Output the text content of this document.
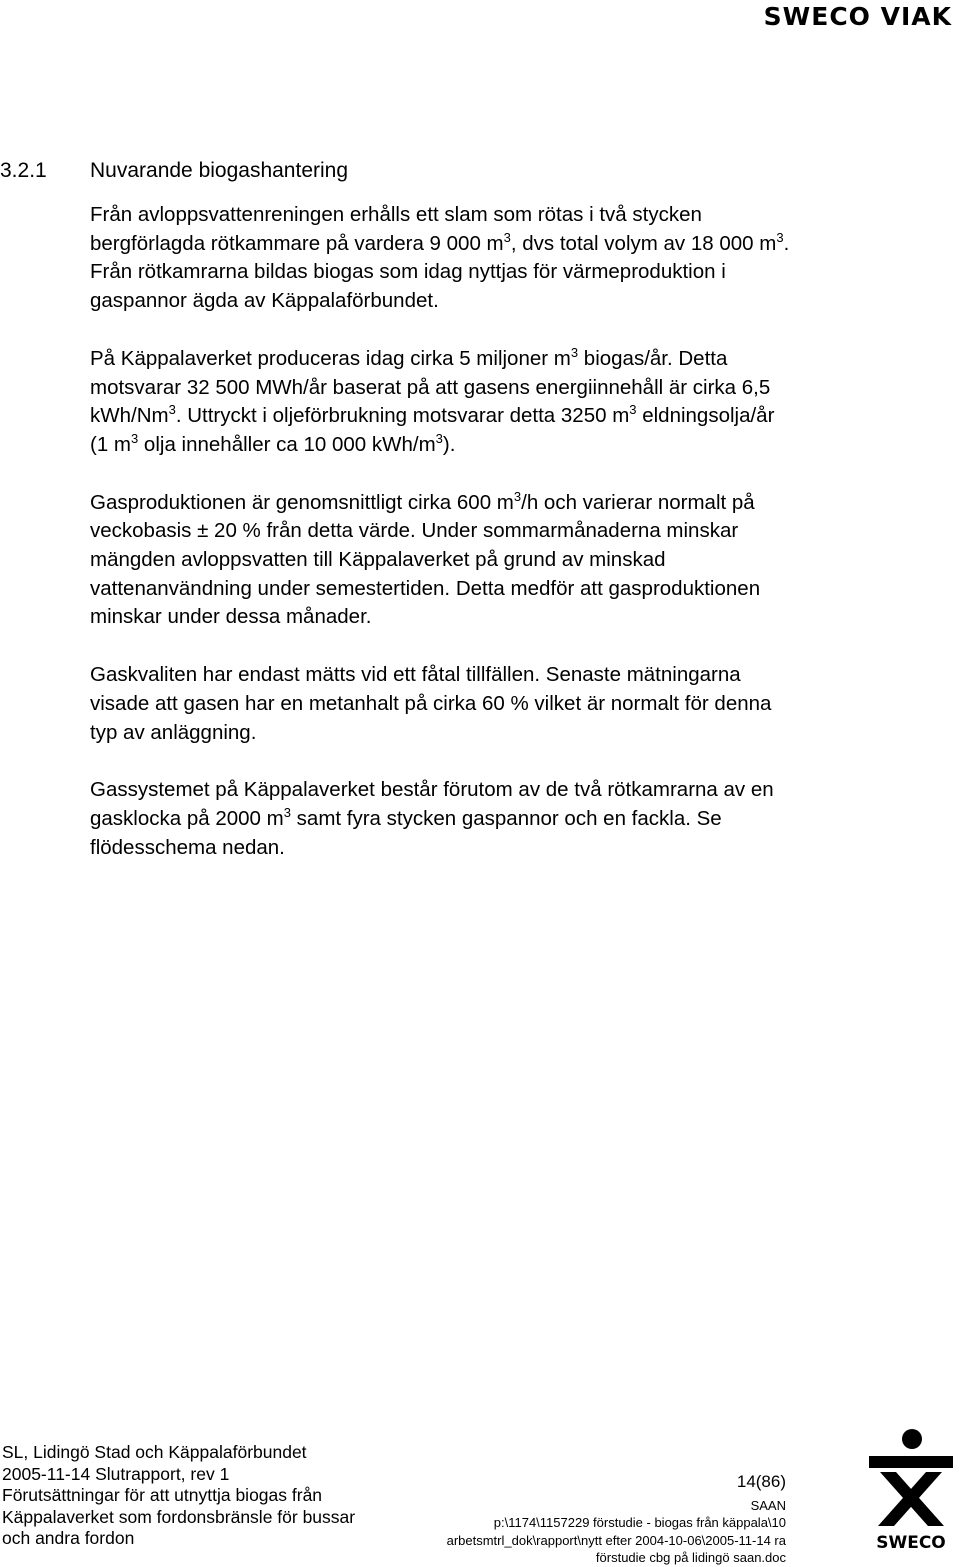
SWECO VIAK
3.2.1 Nuvarande biogashantering

Från avloppsvattenreningen erhålls ett slam som rötas i två stycken bergförlagda rötkammare på vardera 9 000 $m^3$, dvs total volym av 18 000 $m^3$. Från rötkamrarna bildas biogas som idag nyttjas för värmeproduktion i gaspannor ägda av Käppalaförbundet.

På Käppalaverket produceras idag cirka 5 miljoner $m^3$ biogas/år. Detta motsvarar 32 500 MWh/år baserat på att gasens energiinnehåll är cirka 6,5 kWh/Nm$^3$. Uttryckt i oljeförbrukning motsvarar detta 3250 $m^3$ eldningsolja/år (1 $m^3$ olja innehåller ca 10 000 kWh/$m^3$).

Gasproduktionen är genomsnittligt cirka 600 $m^3/h$ och varierar normalt på veckobasis ± 20 % från detta värde. Under sommarmånaderna minskar mängden avloppsvatten till Käppalaverket på grund av minskad vattenanvändning under semestertiden. Detta medför att gasproduktionen minskar under dessa månader.

Gaskvaliten har endast mätts vid ett fåtal tillfällen. Senaste mätningarna visade att gasen har en metanhalt på cirka 60 % vilket är normalt för denna typ av anläggning.

Gassystemet på Käppalaverket består förutom av de två rötkamrarna av en gasklocka på 2000 $m^3$ samt fyra stycken gaspannor och en fackla. Se flödesschema nedan.

SL, Lidingö Stad och Käppalaförbundet
2005-11-14 Slutrapport, rev 1
Förutsättningar för att utnyttja biogas från
Käppalaverket som fordonsbränsle för bussar
och andra fordon
14(86)
SAAN
p:\1174\1157229 förstudie - biogas från käppala\10
arbetsmtrl_dok\rapport\nytt efter 2004-10-06\2005-11-14 ra
förstudie cbg på lidingö saan.doc
SWECO
